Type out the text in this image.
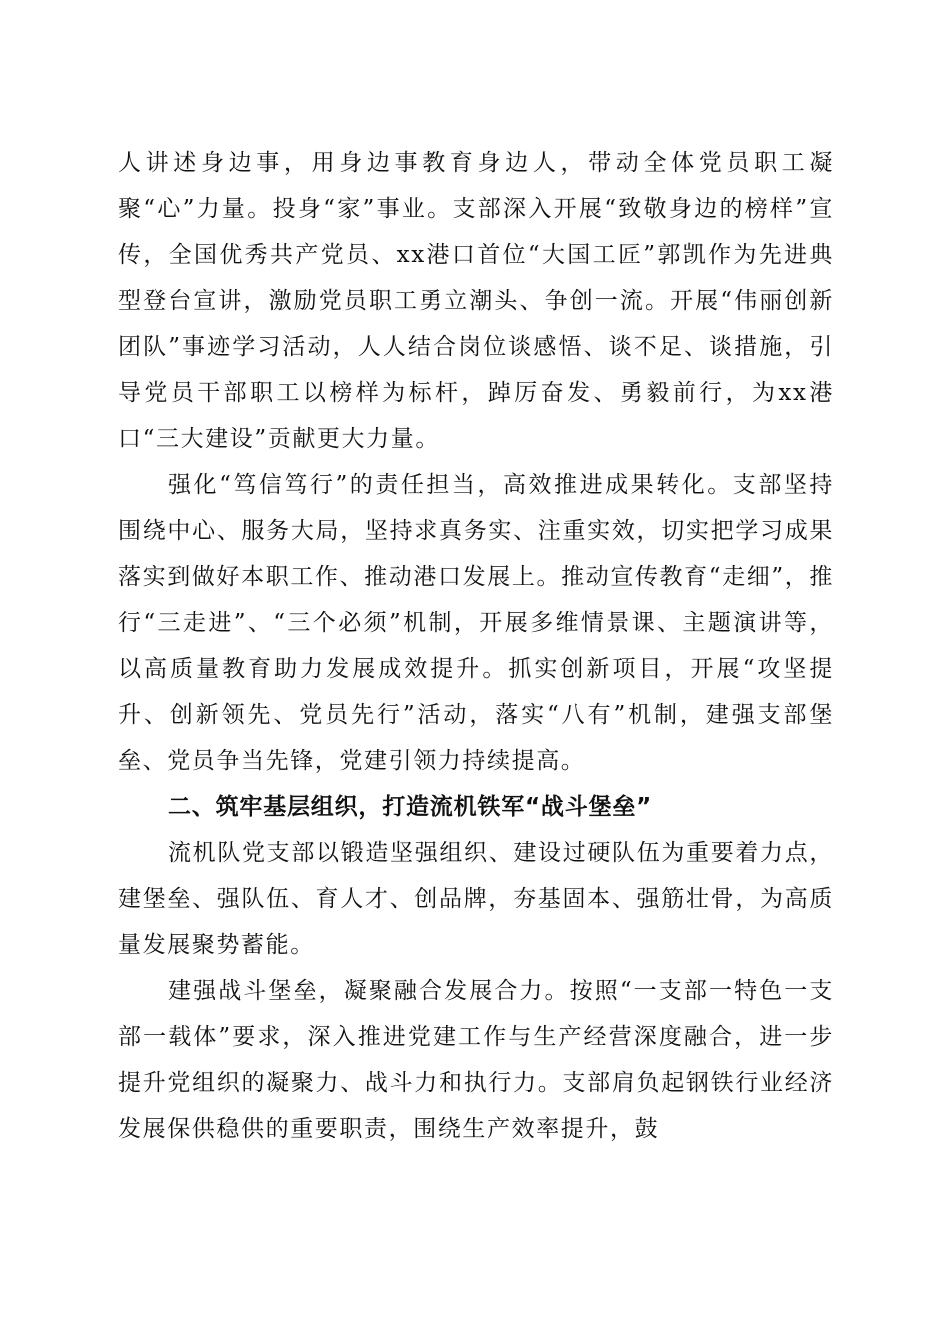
人讲述身边事，用身边事教育身边人，带动全体党员职工凝聚“心”力量。投身“家”事业。支部深入开展“致敬身边的榜样”宣传，全国优秀共产党员、xx港口首位“大国工匠”郭凯作为先进典型登台宣讲，激励党员职工勇立潮头、争创一流。开展“伟丽创新团队”事迹学习活动，人人结合岗位谈感悟、谈不足、谈措施，引导党员干部职工以榜样为标杆，踔厉奋发、勇毅前行，为xx港口“三大建设”贡献更大力量。

强化“笃信笃行”的责任担当，高效推进成果转化。支部坚持围绕中心、服务大局，坚持求真务实、注重实效，切实把学习成果落实到做好本职工作、推动港口发展上。推动宣传教育“走细”，推行“三走进”、“三个必须”机制，开展多维情景课、主题演讲等，以高质量教育助力发展成效提升。抓实创新项目，开展“攻坚提升、创新领先、党员先行”活动，落实“八有”机制，建强支部堡垒、党员争当先锋，党建引领力持续提高。

二、筑牢基层组织，打造流机铁军“战斗堡垒”

流机队党支部以锻造坚强组织、建设过硬队伍为重要着力点，建堡垒、强队伍、育人才、创品牌，夯基固本、强筋壮骨，为高质量发展聚势蓄能。

建强战斗堡垒，凝聚融合发展合力。按照“一支部一特色一支部一载体”要求，深入推进党建工作与生产经营深度融合，进一步提升党组织的凝聚力、战斗力和执行力。支部肩负起钢铁行业经济发展保供稳供的重要职责，围绕生产效率提升，鼓
